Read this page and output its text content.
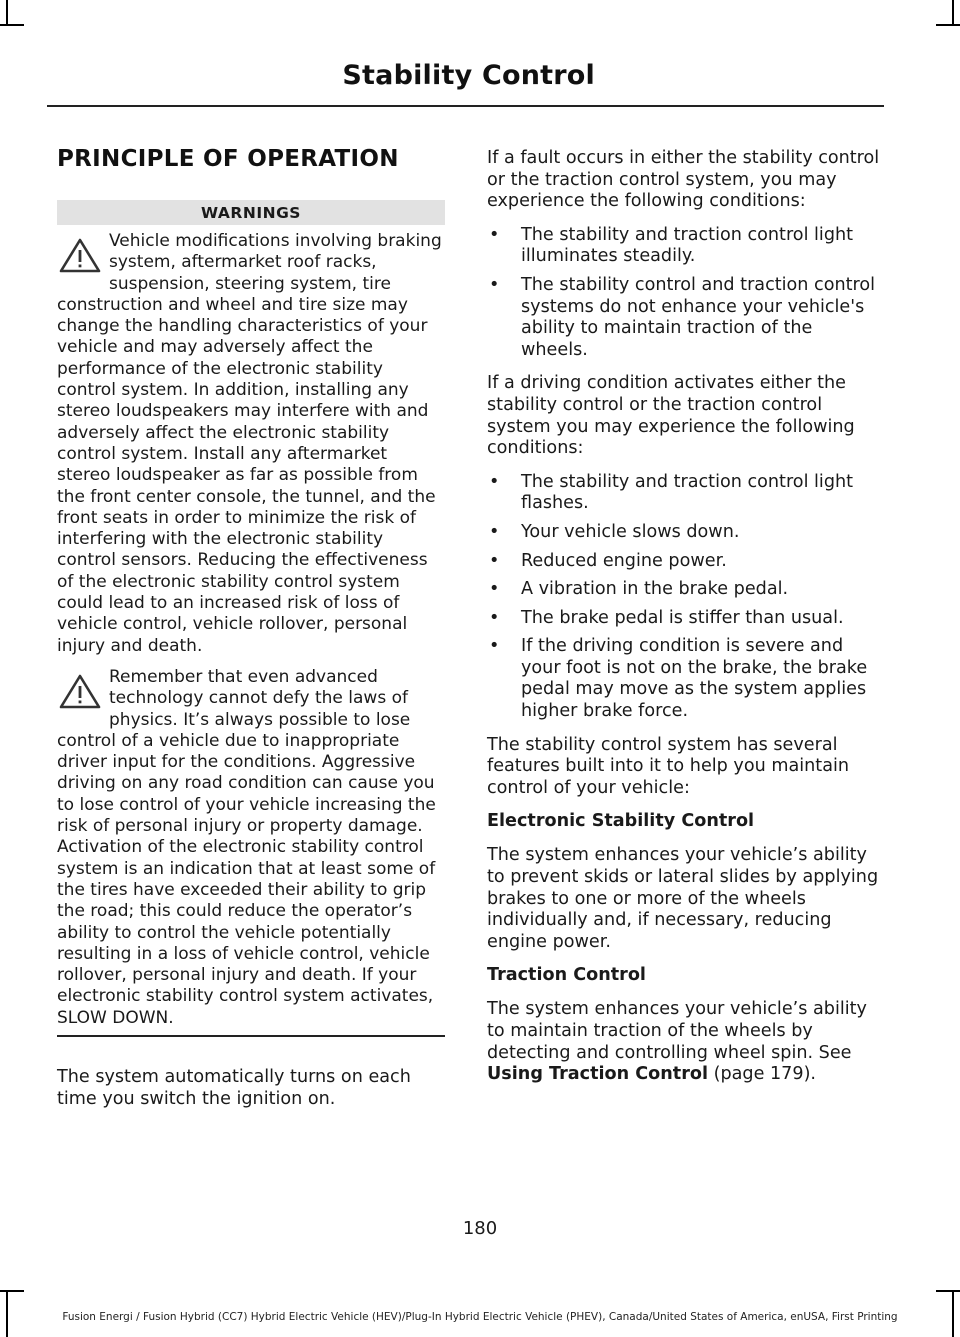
Stability Control
PRINCIPLE OF OPERATION
WARNINGS

Vehicle modifications involving braking system, aftermarket roof racks, suspension, steering system, tire construction and wheel and tire size may change the handling characteristics of your vehicle and may adversely affect the performance of the electronic stability control system. In addition, installing any stereo loudspeakers may interfere with and adversely affect the electronic stability control system. Install any aftermarket stereo loudspeaker as far as possible from the front center console, the tunnel, and the front seats in order to minimize the risk of interfering with the electronic stability control sensors. Reducing the effectiveness of the electronic stability control system could lead to an increased risk of loss of vehicle control, vehicle rollover, personal injury and death.

Remember that even advanced technology cannot defy the laws of physics. It’s always possible to lose control of a vehicle due to inappropriate driver input for the conditions. Aggressive driving on any road condition can cause you to lose control of your vehicle increasing the risk of personal injury or property damage. Activation of the electronic stability control system is an indication that at least some of the tires have exceeded their ability to grip the road; this could reduce the operator’s ability to control the vehicle potentially resulting in a loss of vehicle control, vehicle rollover, personal injury and death. If your electronic stability control system activates, SLOW DOWN.

The system automatically turns on each time you switch the ignition on.

If a fault occurs in either the stability control or the traction control system, you may experience the following conditions:

• The stability and traction control light illuminates steadily.
• The stability control and traction control systems do not enhance your vehicle's ability to maintain traction of the wheels.

If a driving condition activates either the stability control or the traction control system you may experience the following conditions:

• The stability and traction control light flashes.
• Your vehicle slows down.
• Reduced engine power.
• A vibration in the brake pedal.
• The brake pedal is stiffer than usual.
• If the driving condition is severe and your foot is not on the brake, the brake pedal may move as the system applies higher brake force.

The stability control system has several features built into it to help you maintain control of your vehicle:

Electronic Stability Control

The system enhances your vehicle’s ability to prevent skids or lateral slides by applying brakes to one or more of the wheels individually and, if necessary, reducing engine power.

Traction Control

The system enhances your vehicle’s ability to maintain traction of the wheels by detecting and controlling wheel spin. See Using Traction Control (page 179).

180
Fusion Energi / Fusion Hybrid (CC7) Hybrid Electric Vehicle (HEV)/Plug-In Hybrid Electric Vehicle (PHEV), Canada/United States of America, enUSA, First Printing
